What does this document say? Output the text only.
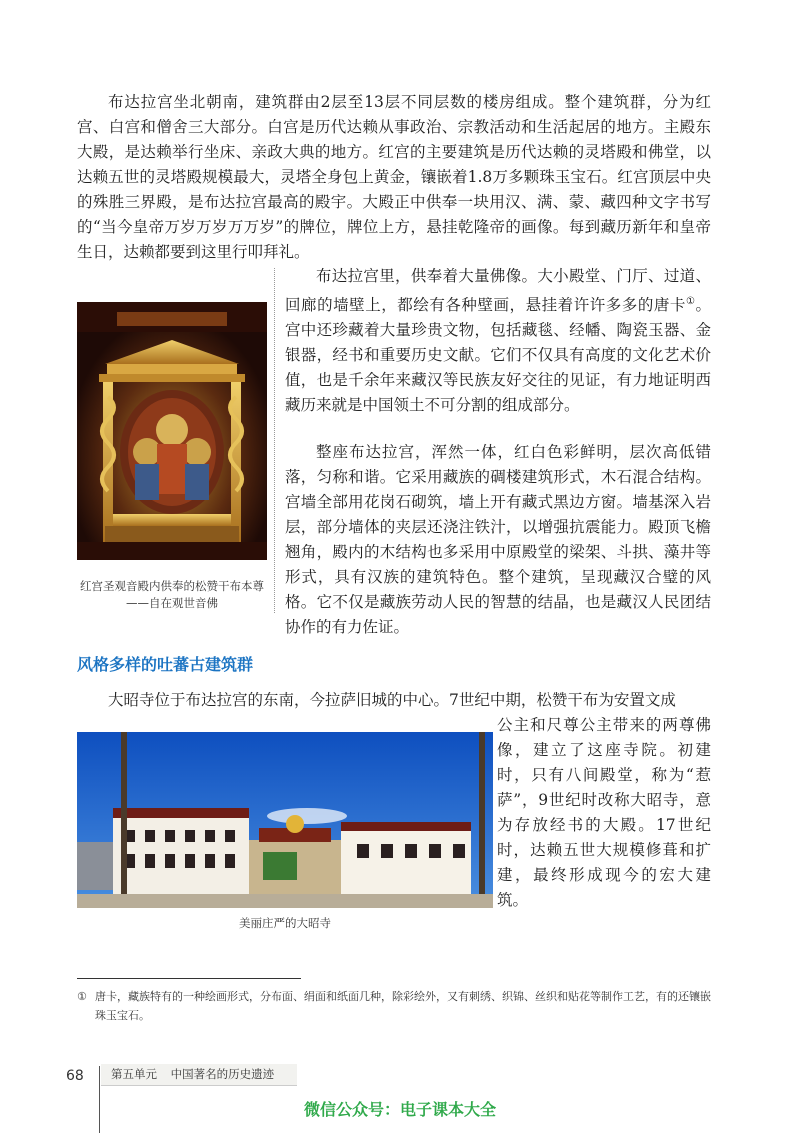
布达拉宫坐北朝南，建筑群由2层至13层不同层数的楼房组成。整个建筑群，分为红宫、白宫和僧舍三大部分。白宫是历代达赖从事政治、宗教活动和生活起居的地方。主殿东大殿，是达赖举行坐床、亲政大典的地方。红宫的主要建筑是历代达赖的灵塔殿和佛堂，以达赖五世的灵塔殿规模最大，灵塔全身包上黄金，镶嵌着1.8万多颗珠玉宝石。红宫顶层中央的殊胜三界殿，是布达拉宫最高的殿宇。大殿正中供奉一块用汉、满、蒙、藏四种文字书写的“当今皇帝万岁万岁万万岁”的牌位，牌位上方，悬挂乾隆帝的画像。每到藏历新年和皇帝生日，达赖都要到这里行叩拜礼。

红宫圣观音殿内供奉的松赞干布本尊——自在观世音佛

布达拉宫里，供奉着大量佛像。大小殿堂、门厅、过道、回廊的墙壁上，都绘有各种壁画，悬挂着许许多多的唐卡①。宫中还珍藏着大量珍贵文物，包括藏毯、经幡、陶瓷玉器、金银器，经书和重要历史文献。它们不仅具有高度的文化艺术价值，也是千余年来藏汉等民族友好交往的见证，有力地证明西藏历来就是中国领土不可分割的组成部分。

整座布达拉宫，浑然一体，红白色彩鲜明，层次高低错落，匀称和谐。它采用藏族的碉楼建筑形式，木石混合结构。宫墙全部用花岗石砌筑，墙上开有藏式黑边方窗。墙基深入岩层，部分墙体的夹层还浇注铁汁，以增强抗震能力。殿顶飞檐翘角，殿内的木结构也多采用中原殿堂的梁架、斗拱、藻井等形式，具有汉族的建筑特色。整个建筑，呈现藏汉合璧的风格。它不仅是藏族劳动人民的智慧的结晶，也是藏汉人民团结协作的有力佐证。

风格多样的吐蕃古建筑群

大昭寺位于布达拉宫的东南，今拉萨旧城的中心。7世纪中期，松赞干布为安置文成

美丽庄严的大昭寺

公主和尺尊公主带来的两尊佛像，建立了这座寺院。初建时，只有八间殿堂，称为“惹萨”，9世纪时改称大昭寺，意为存放经书的大殿。17世纪时，达赖五世大规模修葺和扩建，最终形成现今的宏大建筑。

① 唐卡，藏族特有的一种绘画形式，分布面、绢面和纸面几种，除彩绘外，又有刺绣、织锦、丝织和贴花等制作工艺，有的还镶嵌珠玉宝石。

68	第五单元 中国著名的历史遗迹
微信公众号：电子课本大全
